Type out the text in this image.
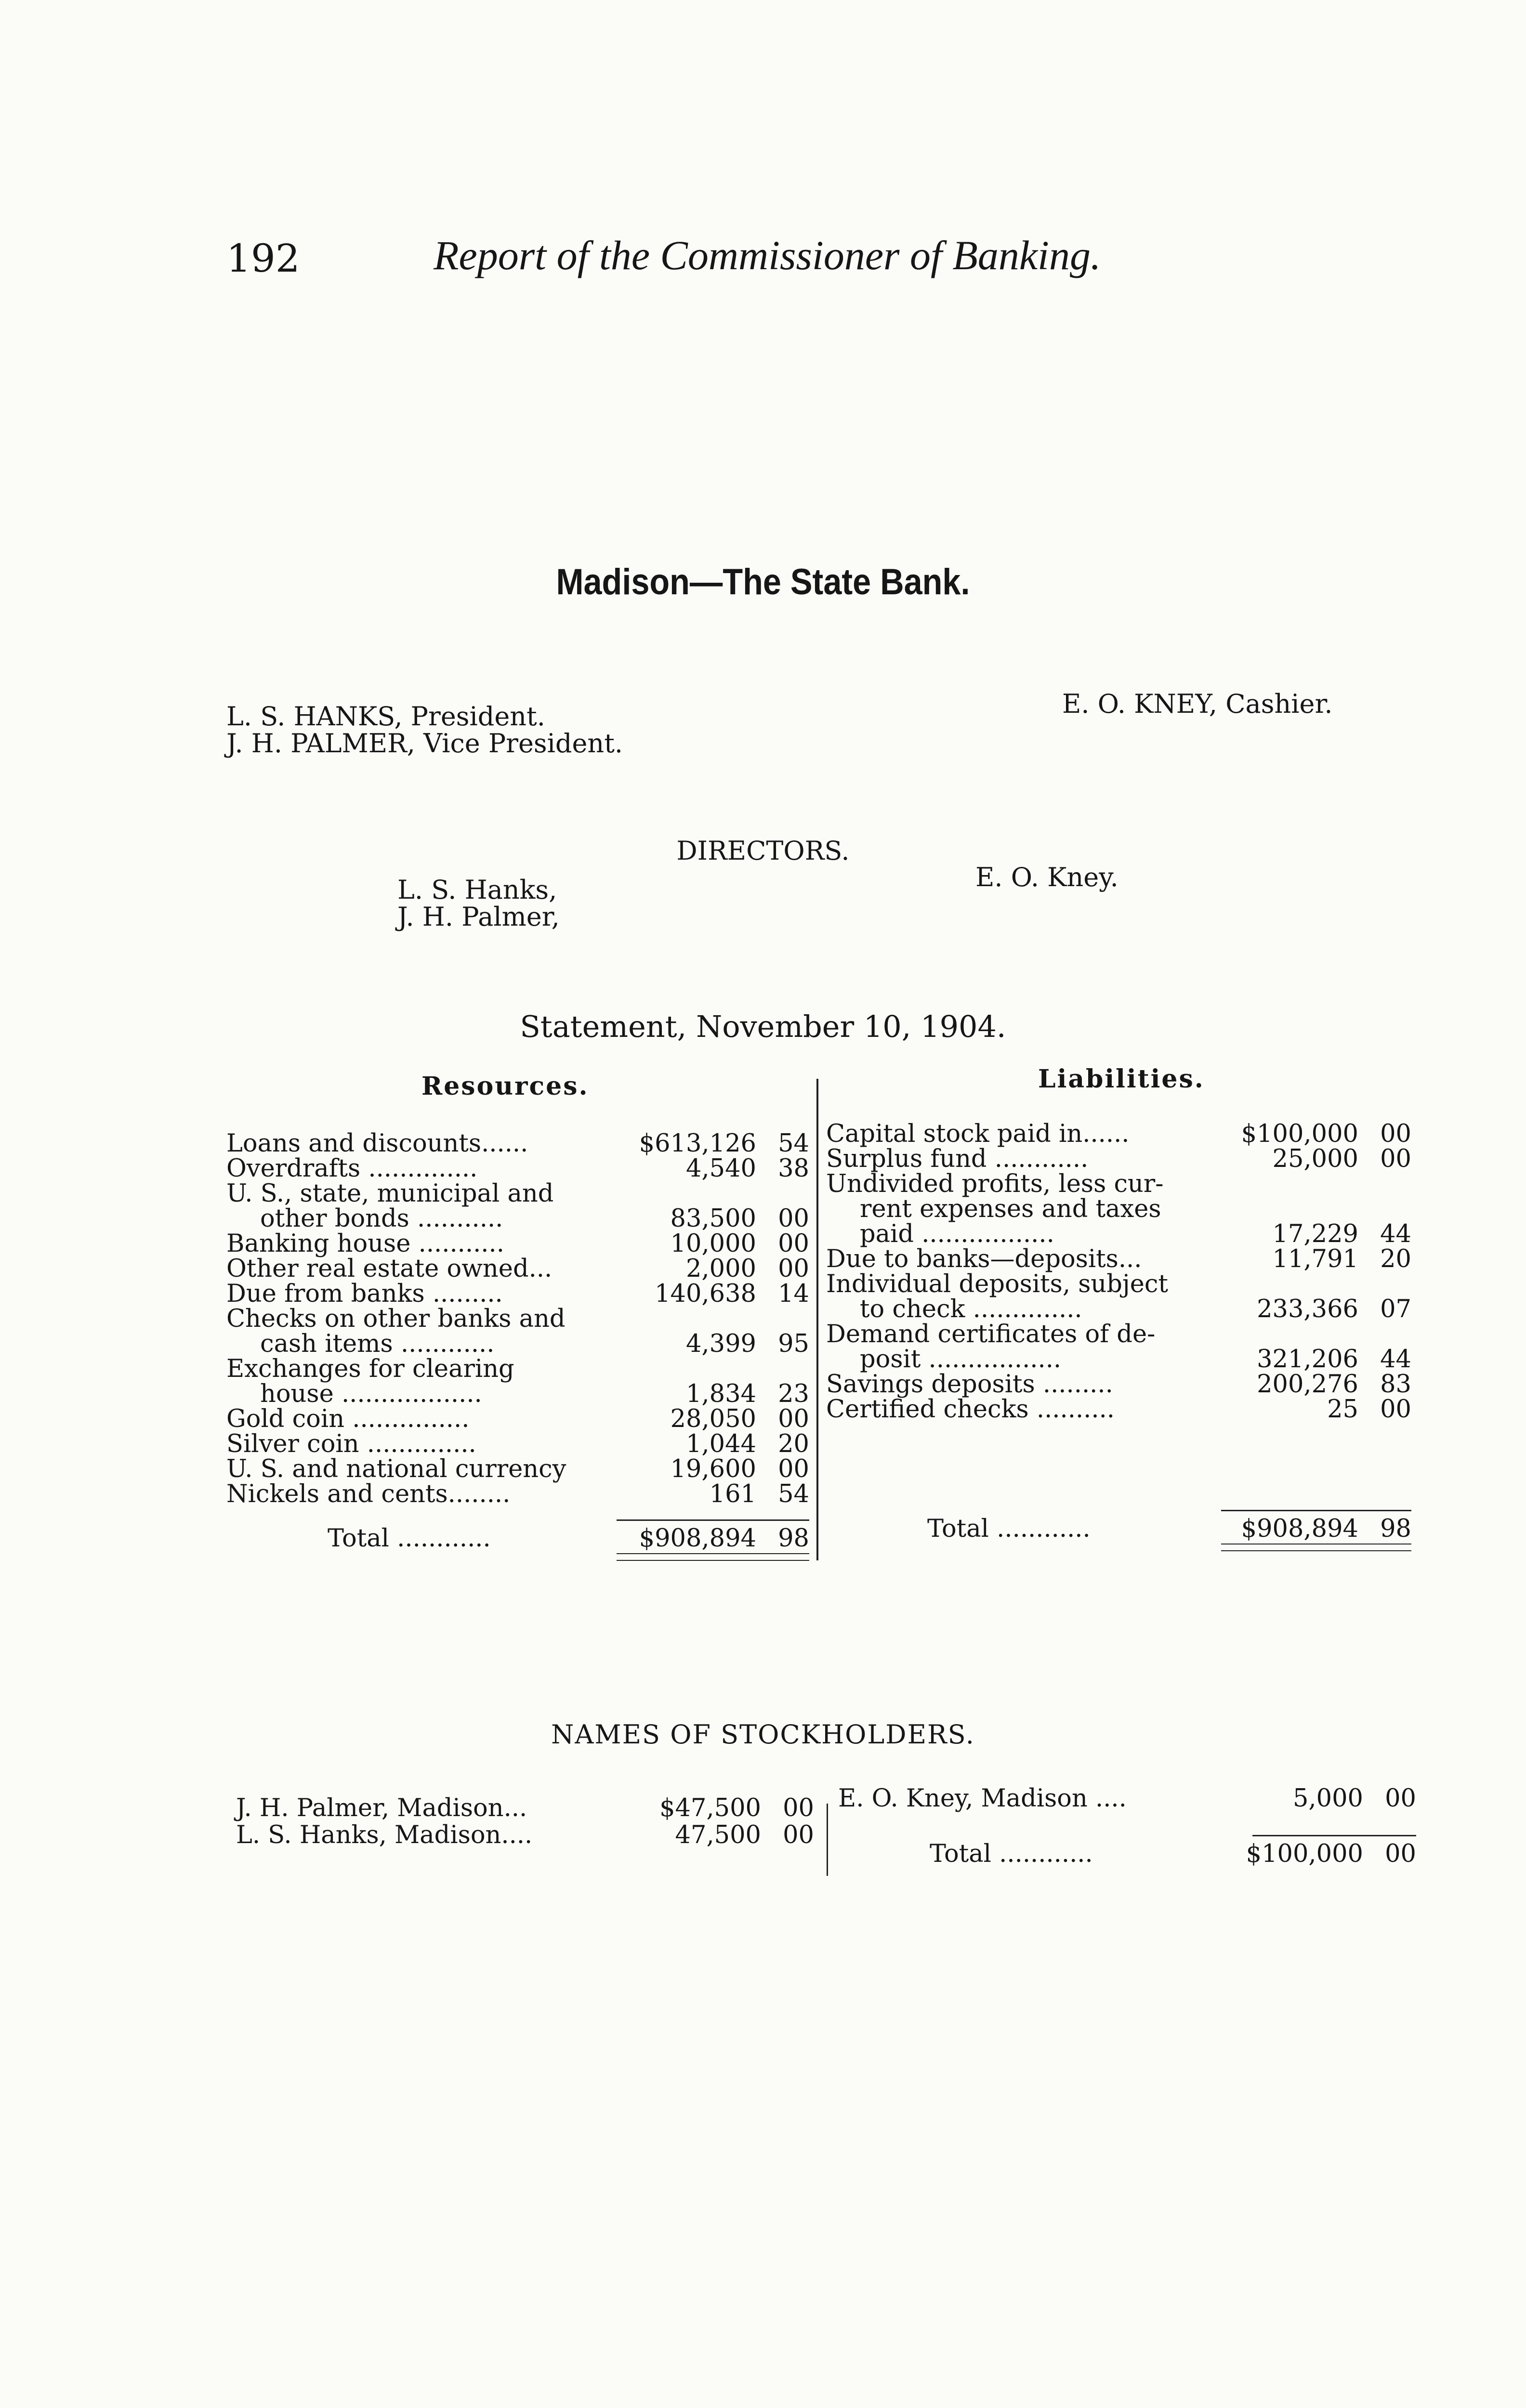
192	Report of the Commissioner of Banking.
Madison—The State Bank.
L. S. HANKS, President.
J. H. PALMER, Vice President.
E. O. KNEY, Cashier.
DIRECTORS.
L. S. Hanks,
J. H. Palmer,
E. O. Kney.
Statement, November 10, 1904.
Resources.	Liabilities.
Loans and discounts......	$613,126 54
Overdrafts ..............	4,540 38
U. S., state, municipal and
other bonds ...........	83,500 00
Banking house ...........	10,000 00
Other real estate owned...	2,000 00
Due from banks .........	140,638 14
Checks on other banks and
cash items ............	4,399 95
Exchanges for clearing
house ..................	1,834 23
Gold coin ...............	28,050 00
Silver coin ..............	1,044 20
U. S. and national currency	19,600 00
Nickels and cents........	161 54
Total ............	$908,894 98
Capital stock paid in......	$100,000 00
Surplus fund ............	25,000 00
Undivided profits, less cur-
rent expenses and taxes
paid .................	17,229 44
Due to banks—deposits...	11,791 20
Individual deposits, subject
to check ..............	233,366 07
Demand certificates of de-
posit .................	321,206 44
Savings deposits .........	200,276 83
Certified checks ..........	25 00
Total ............	$908,894 98
NAMES OF STOCKHOLDERS.
J. H. Palmer, Madison...	$47,500 00
L. S. Hanks, Madison....	47,500 00
E. O. Kney, Madison ....	5,000 00
Total ............	$100,000 00
